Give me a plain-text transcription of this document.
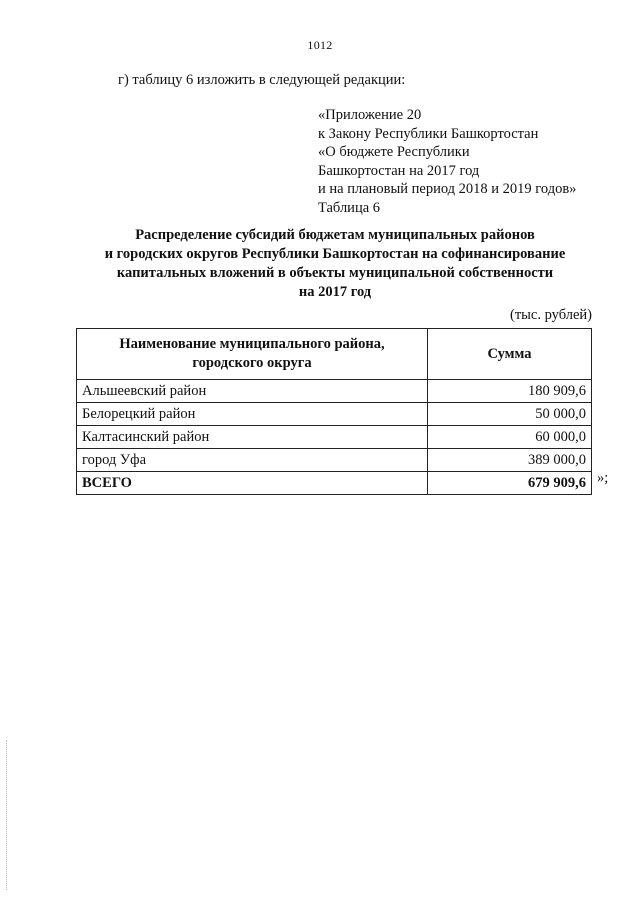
1012
г) таблицу 6 изложить в следующей редакции:
«Приложение 20
к Закону Республики Башкортостан
«О бюджете Республики
Башкортостан на 2017 год
и на плановый период 2018 и 2019 годов»
Таблица 6
Распределение субсидий бюджетам муниципальных районов
и городских округов Республики Башкортостан на софинансирование
капитальных вложений в объекты муниципальной собственности
на 2017 год
(тыс. рублей)
Наименование муниципального района,
городского округа	Сумма
Альшеевский район	180 909,6
Белорецкий район	50 000,0
Калтасинский район	60 000,0
город Уфа	389 000,0
ВСЕГО	679 909,6 »;
